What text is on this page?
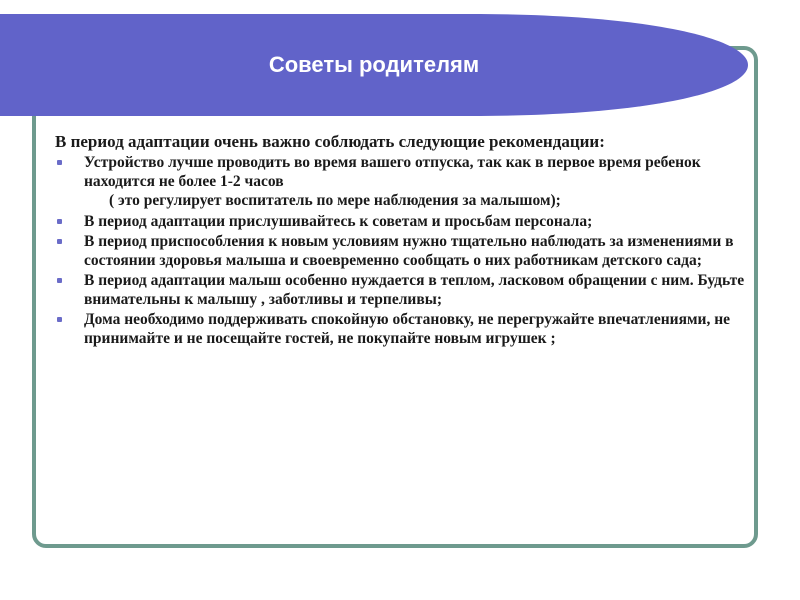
Советы родителям
В период адаптации очень важно соблюдать следующие рекомендации:
Устройство лучше проводить во время вашего отпуска, так как в первое время ребенок находится не более 1-2 часов
( это регулирует воспитатель по мере наблюдения за малышом);
В период адаптации прислушивайтесь к советам и просьбам персонала;
В период приспособления к новым условиям нужно тщательно наблюдать за изменениями в состоянии здоровья малыша и своевременно сообщать о них работникам детского сада;
В период адаптации малыш особенно нуждается в теплом, ласковом обращении с ним. Будьте внимательны к малышу , заботливы и терпеливы;
Дома необходимо поддерживать спокойную обстановку, не перегружайте впечатлениями, не принимайте и не посещайте гостей, не покупайте новым игрушек ;
